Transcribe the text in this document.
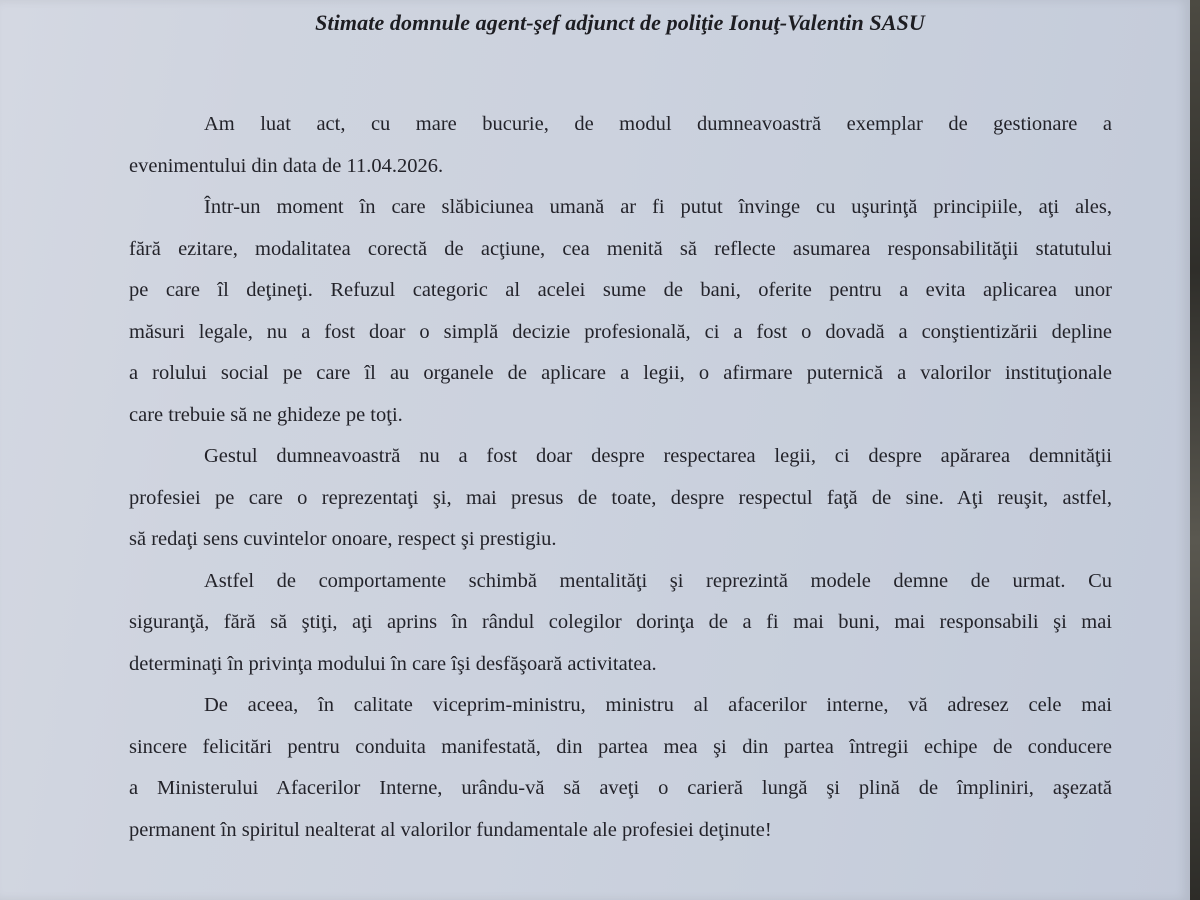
Stimate domnule agent-şef adjunct de poliţie Ionuţ-Valentin SASU
Am luat act, cu mare bucurie, de modul dumneavoastră exemplar de gestionare a
evenimentului din data de 11.04.2026.
Într-un moment în care slăbiciunea umană ar fi putut învinge cu uşurinţă principiile, aţi ales,
fără ezitare, modalitatea corectă de acţiune, cea menită să reflecte asumarea responsabilităţii statutului
pe care îl deţineţi. Refuzul categoric al acelei sume de bani, oferite pentru a evita aplicarea unor
măsuri legale, nu a fost doar o simplă decizie profesională, ci a fost o dovadă a conştientizării depline
a rolului social pe care îl au organele de aplicare a legii, o afirmare puternică a valorilor instituţionale
care trebuie să ne ghideze pe toţi.
Gestul dumneavoastră nu a fost doar despre respectarea legii, ci despre apărarea demnităţii
profesiei pe care o reprezentaţi şi, mai presus de toate, despre respectul faţă de sine. Aţi reuşit, astfel,
să redaţi sens cuvintelor onoare, respect şi prestigiu.
Astfel de comportamente schimbă mentalităţi şi reprezintă modele demne de urmat. Cu
siguranţă, fără să ştiţi, aţi aprins în rândul colegilor dorinţa de a fi mai buni, mai responsabili şi mai
determinaţi în privinţa modului în care îşi desfăşoară activitatea.
De aceea, în calitate viceprim-ministru, ministru al afacerilor interne, vă adresez cele mai
sincere felicitări pentru conduita manifestată, din partea mea şi din partea întregii echipe de conducere
a Ministerului Afacerilor Interne, urându-vă să aveţi o carieră lungă şi plină de împliniri, aşezată
permanent în spiritul nealterat al valorilor fundamentale ale profesiei deţinute!
